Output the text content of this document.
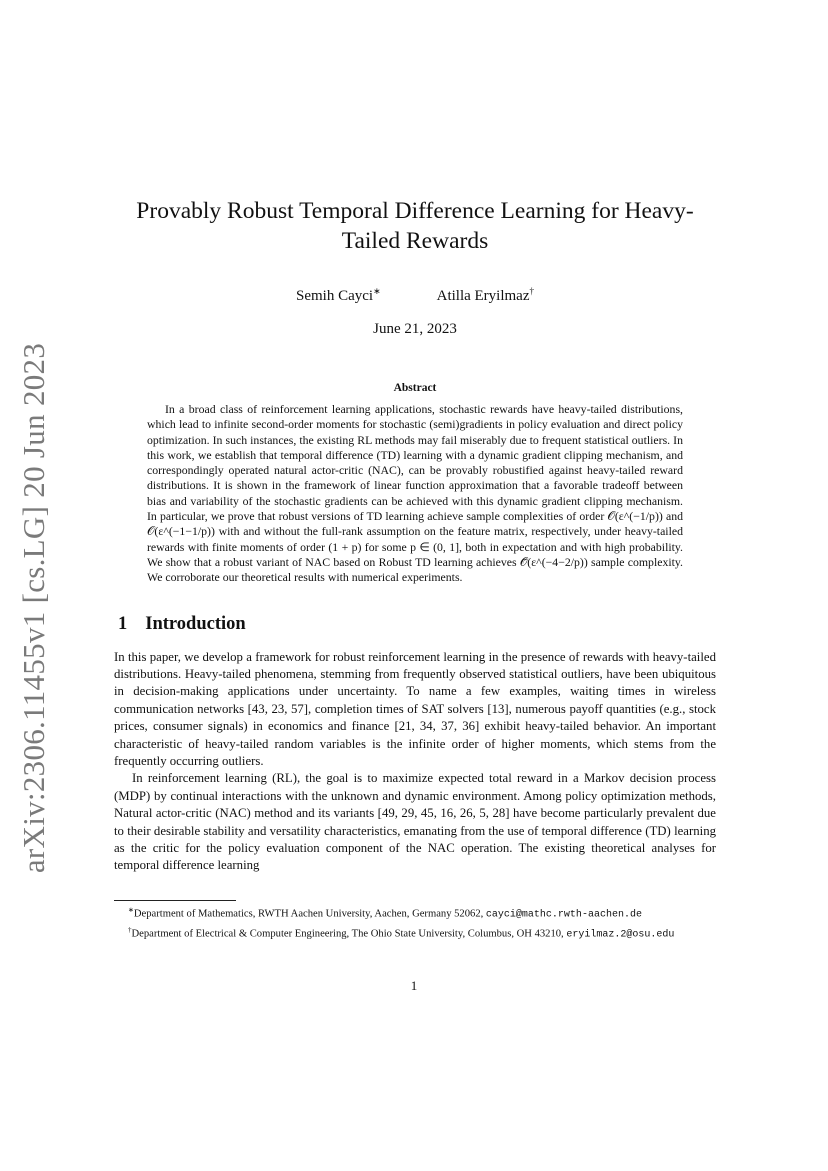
arXiv:2306.11455v1 [cs.LG] 20 Jun 2023
Provably Robust Temporal Difference Learning for Heavy-Tailed Rewards
Semih Cayci∗	Atilla Eryilmaz†
June 21, 2023
Abstract

In a broad class of reinforcement learning applications, stochastic rewards have heavy-tailed distributions, which lead to infinite second-order moments for stochastic (semi)gradients in policy evaluation and direct policy optimization. In such instances, the existing RL methods may fail miserably due to frequent statistical outliers. In this work, we establish that temporal difference (TD) learning with a dynamic gradient clipping mechanism, and correspondingly operated natural actor-critic (NAC), can be provably robustified against heavy-tailed reward distributions. It is shown in the framework of linear function approximation that a favorable tradeoff between bias and variability of the stochastic gradients can be achieved with this dynamic gradient clipping mechanism. In particular, we prove that robust versions of TD learning achieve sample complexities of order 𝒪(ε^(−1/p)) and 𝒪(ε^(−1−1/p)) with and without the full-rank assumption on the feature matrix, respectively, under heavy-tailed rewards with finite moments of order (1 + p) for some p ∈ (0, 1], both in expectation and with high probability. We show that a robust variant of NAC based on Robust TD learning achieves 𝒪̃(ε^(−4−2/p)) sample complexity. We corroborate our theoretical results with numerical experiments.

1 Introduction

In this paper, we develop a framework for robust reinforcement learning in the presence of rewards with heavy-tailed distributions. Heavy-tailed phenomena, stemming from frequently observed statistical outliers, have been ubiquitous in decision-making applications under uncertainty. To name a few examples, waiting times in wireless communication networks [43, 23, 57], completion times of SAT solvers [13], numerous payoff quantities (e.g., stock prices, consumer signals) in economics and finance [21, 34, 37, 36] exhibit heavy-tailed behavior. An important characteristic of heavy-tailed random variables is the infinite order of higher moments, which stems from the frequently occurring outliers.

In reinforcement learning (RL), the goal is to maximize expected total reward in a Markov decision process (MDP) by continual interactions with the unknown and dynamic environment. Among policy optimization methods, Natural actor-critic (NAC) method and its variants [49, 29, 45, 16, 26, 5, 28] have become particularly prevalent due to their desirable stability and versatility characteristics, emanating from the use of temporal difference (TD) learning as the critic for the policy evaluation component of the NAC operation. The existing theoretical analyses for temporal difference learning

∗Department of Mathematics, RWTH Aachen University, Aachen, Germany 52062, cayci@mathc.rwth-aachen.de
†Department of Electrical & Computer Engineering, The Ohio State University, Columbus, OH 43210, eryilmaz.2@osu.edu
1
